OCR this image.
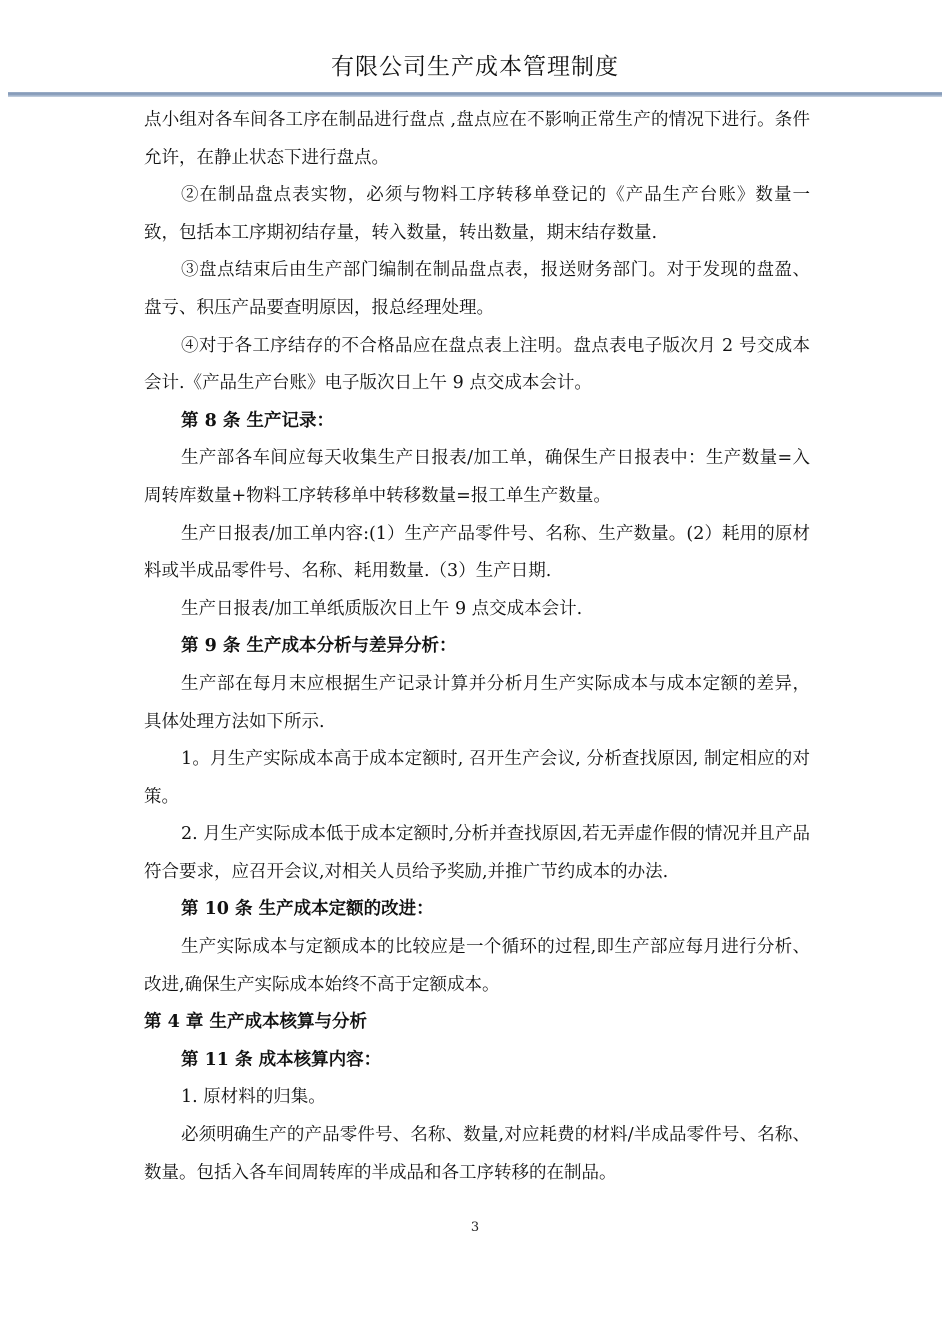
有限公司生产成本管理制度

点小组对各车间各工序在制品进行盘点 ,盘点应在不影响正常生产的情况下进行。条件允许，在静止状态下进行盘点。

②在制品盘点表实物，必须与物料工序转移单登记的《产品生产台账》数量一致，包括本工序期初结存量，转入数量，转出数量，期末结存数量.

③盘点结束后由生产部门编制在制品盘点表，报送财务部门。对于发现的盘盈、盘亏、积压产品要查明原因，报总经理处理。

④对于各工序结存的不合格品应在盘点表上注明。盘点表电子版次月 2 号交成本会计.《产品生产台账》电子版次日上午 9 点交成本会计。

第 8 条 生产记录：

生产部各车间应每天收集生产日报表/加工单，确保生产日报表中：生产数量=入周转库数量+物料工序转移单中转移数量=报工单生产数量。

生产日报表/加工单内容:(1）生产产品零件号、名称、生产数量。(2）耗用的原材料或半成品零件号、名称、耗用数量.（3）生产日期.

生产日报表/加工单纸质版次日上午 9 点交成本会计.

第 9 条 生产成本分析与差异分析：

生产部在每月末应根据生产记录计算并分析月生产实际成本与成本定额的差异，具体处理方法如下所示.

1。月生产实际成本高于成本定额时, 召开生产会议, 分析查找原因, 制定相应的对策。

2. 月生产实际成本低于成本定额时,分析并查找原因,若无弄虚作假的情况并且产品符合要求，应召开会议,对相关人员给予奖励,并推广节约成本的办法.

第 10 条 生产成本定额的改进：

生产实际成本与定额成本的比较应是一个循环的过程,即生产部应每月进行分析、改进,确保生产实际成本始终不高于定额成本。

第 4 章 生产成本核算与分析

第 11 条 成本核算内容：

1. 原材料的归集。

必须明确生产的产品零件号、名称、数量,对应耗费的材料/半成品零件号、名称、数量。包括入各车间周转库的半成品和各工序转移的在制品。

3
